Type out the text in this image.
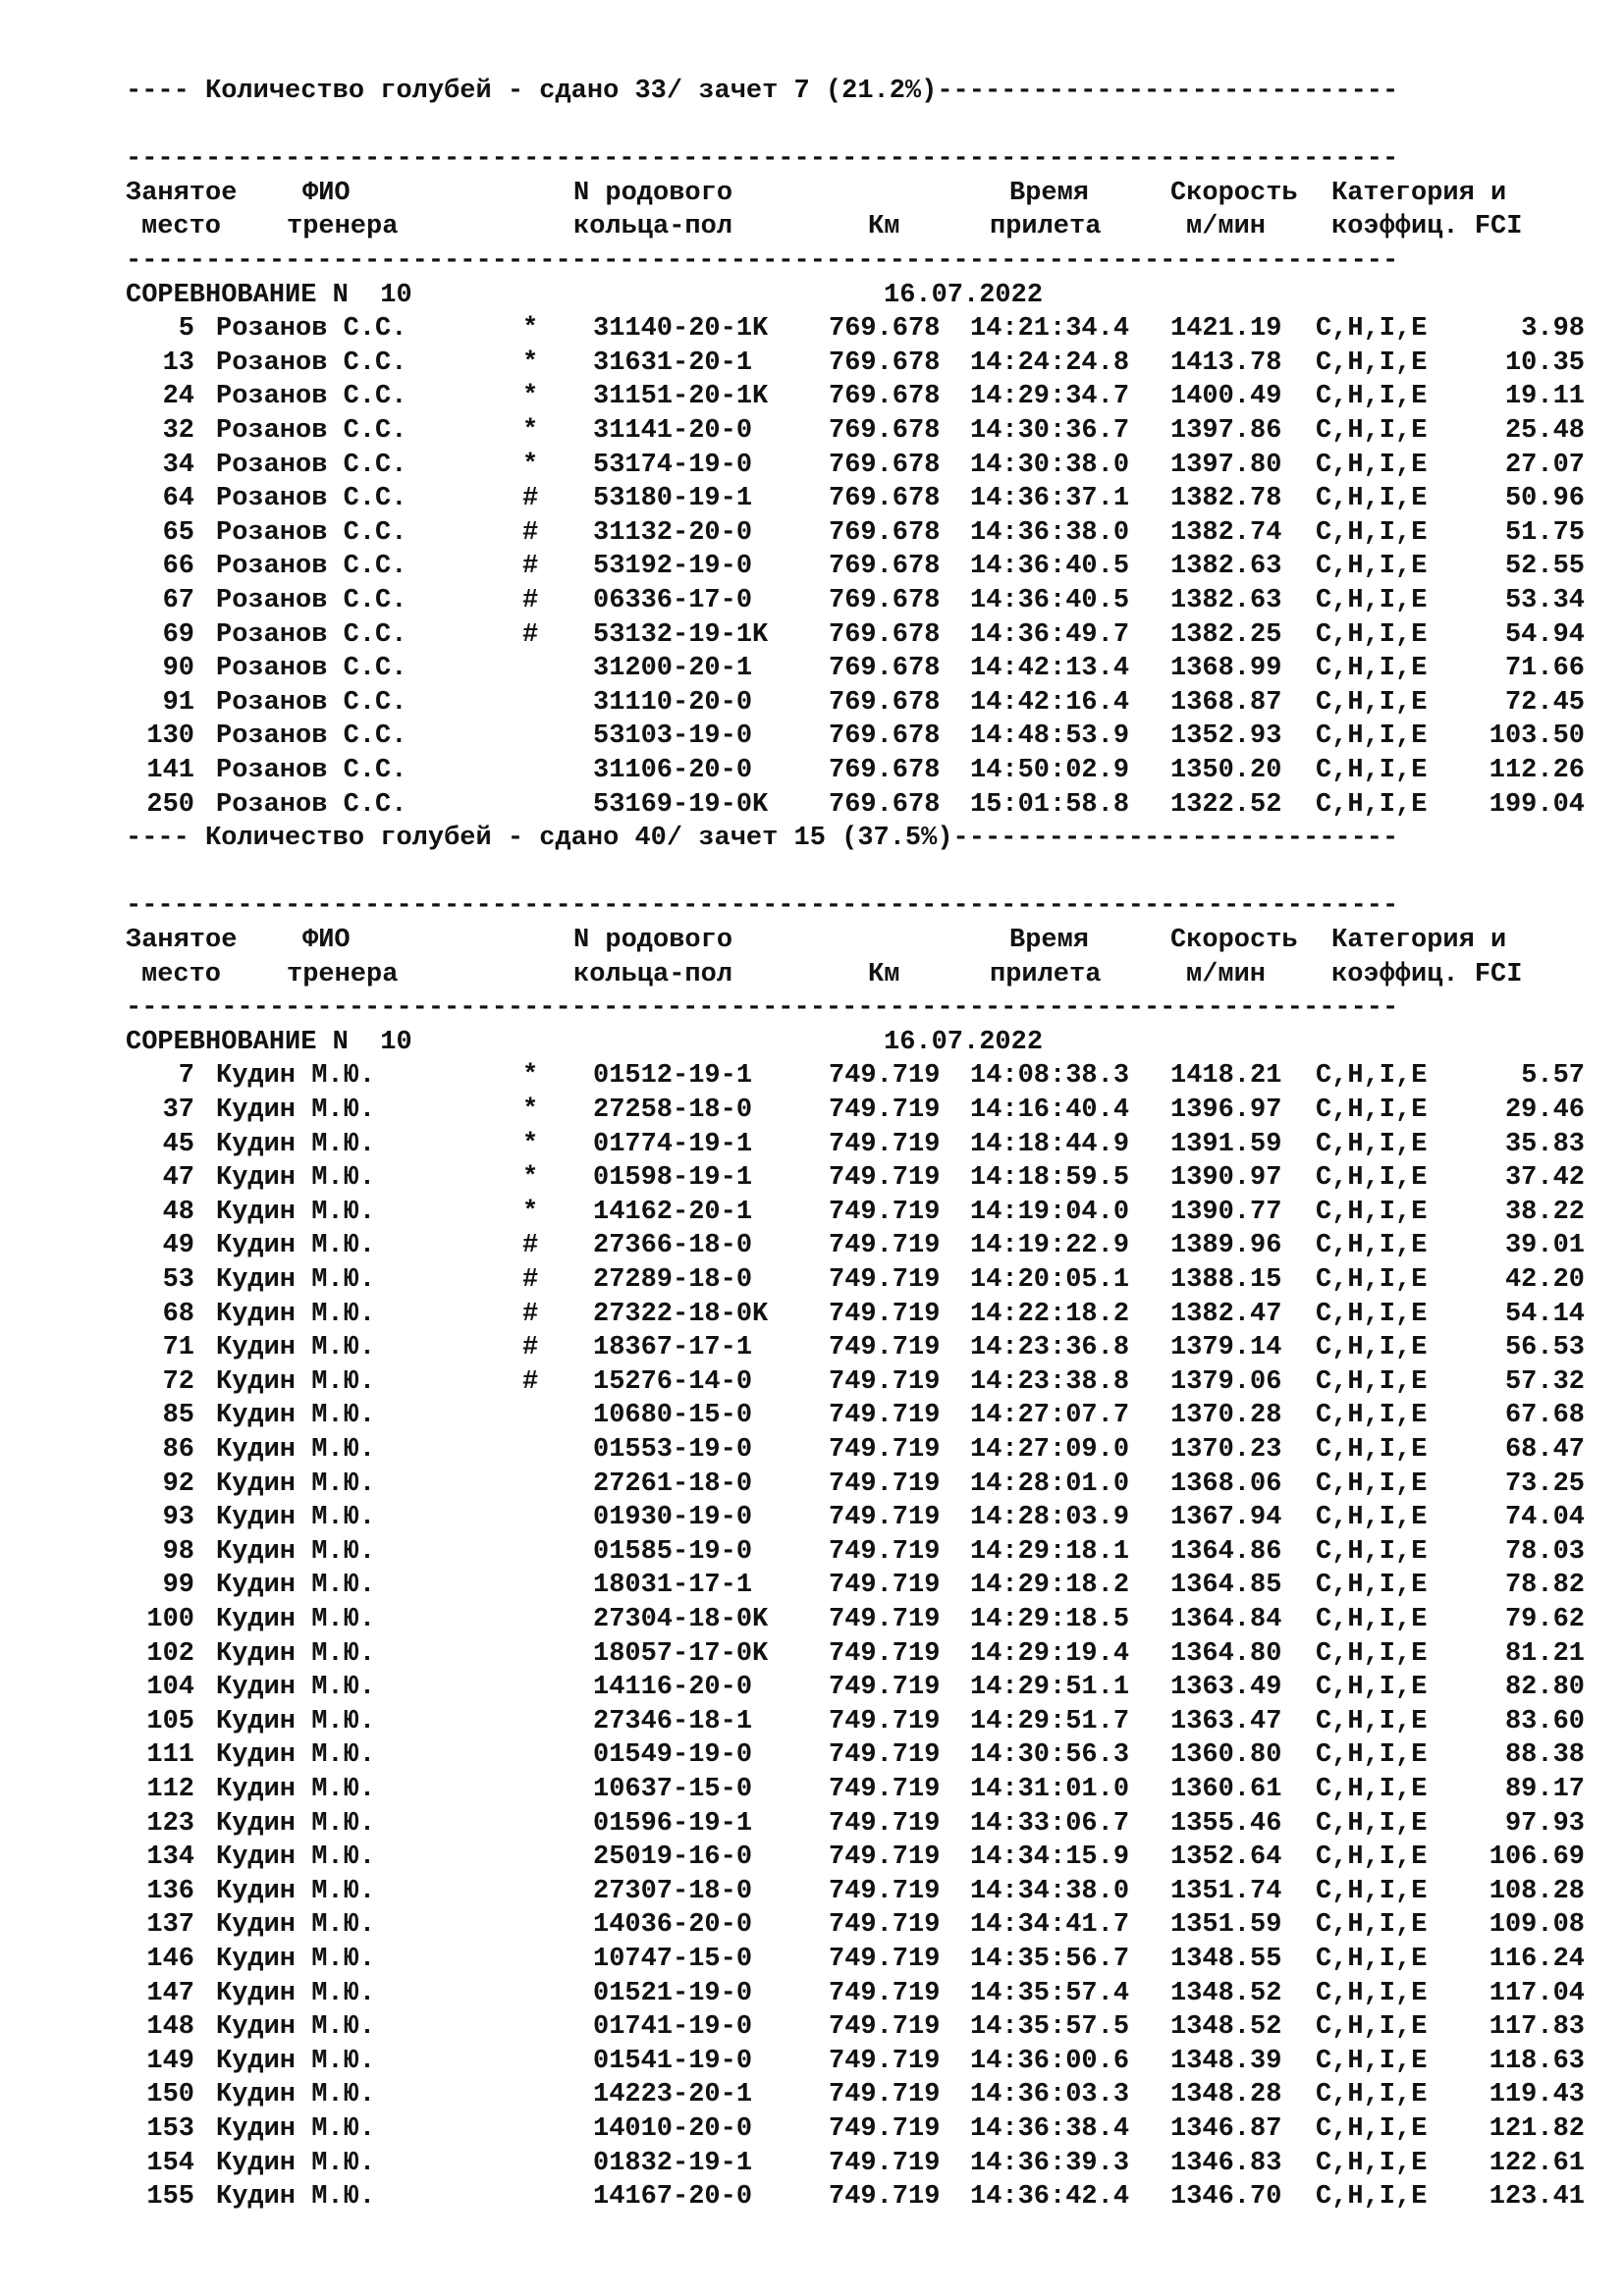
---- Количество голубей - сдано 33/ зачет 7 (21.2%)-----------------------------
--------------------------------------------------------------------------------
Занятое ФИО	N родового	Время	Скорость Категория и
место тренера	кольца-пол	Км	прилета	м/мин коэффиц. FCI
--------------------------------------------------------------------------------
СОРЕВНОВАНИЕ N  10	16.07.2022
5 Розанов С.С.	* 31140-20-1K 769.678 14:21:34.4 1421.19 C,H,I,E	3.98
13 Розанов С.С.	* 31631-20-1	769.678 14:24:24.8 1413.78 C,H,I,E	10.35
24 Розанов С.С.	* 31151-20-1K 769.678 14:29:34.7 1400.49 C,H,I,E	19.11
32 Розанов С.С.	* 31141-20-0	769.678 14:30:36.7 1397.86 C,H,I,E	25.48
34 Розанов С.С.	* 53174-19-0	769.678 14:30:38.0 1397.80 C,H,I,E	27.07
64 Розанов С.С.	# 53180-19-1	769.678 14:36:37.1 1382.78 C,H,I,E	50.96
65 Розанов С.С.	# 31132-20-0	769.678 14:36:38.0 1382.74 C,H,I,E	51.75
66 Розанов С.С.	# 53192-19-0	769.678 14:36:40.5 1382.63 C,H,I,E	52.55
67 Розанов С.С.	# 06336-17-0	769.678 14:36:40.5 1382.63 C,H,I,E	53.34
69 Розанов С.С.	# 53132-19-1K 769.678 14:36:49.7 1382.25 C,H,I,E	54.94
90 Розанов С.С.	31200-20-1	769.678 14:42:13.4 1368.99 C,H,I,E	71.66
91 Розанов С.С.	31110-20-0	769.678 14:42:16.4 1368.87 C,H,I,E	72.45
130 Розанов С.С.	53103-19-0	769.678 14:48:53.9 1352.93 C,H,I,E 103.50
141 Розанов С.С.	31106-20-0	769.678 14:50:02.9 1350.20 C,H,I,E 112.26
250 Розанов С.С.	53169-19-0K 769.678 15:01:58.8 1322.52 C,H,I,E 199.04
---- Количество голубей - сдано 40/ зачет 15 (37.5%)----------------------------
--------------------------------------------------------------------------------
Занятое ФИО	N родового	Время	Скорость Категория и
место тренера	кольца-пол	Км	прилета	м/мин коэффиц. FCI
--------------------------------------------------------------------------------
СОРЕВНОВАНИЕ N  10	16.07.2022
7 Кудин М.Ю.	* 01512-19-1	749.719 14:08:38.3 1418.21 C,H,I,E	5.57
37 Кудин М.Ю.	* 27258-18-0	749.719 14:16:40.4 1396.97 C,H,I,E	29.46
45 Кудин М.Ю.	* 01774-19-1	749.719 14:18:44.9 1391.59 C,H,I,E	35.83
47 Кудин М.Ю.	* 01598-19-1	749.719 14:18:59.5 1390.97 C,H,I,E	37.42
48 Кудин М.Ю.	* 14162-20-1	749.719 14:19:04.0 1390.77 C,H,I,E	38.22
49 Кудин М.Ю.	# 27366-18-0	749.719 14:19:22.9 1389.96 C,H,I,E	39.01
53 Кудин М.Ю.	# 27289-18-0	749.719 14:20:05.1 1388.15 C,H,I,E	42.20
68 Кудин М.Ю.	# 27322-18-0K 749.719 14:22:18.2 1382.47 C,H,I,E	54.14
71 Кудин М.Ю.	# 18367-17-1	749.719 14:23:36.8 1379.14 C,H,I,E	56.53
72 Кудин М.Ю.	# 15276-14-0	749.719 14:23:38.8 1379.06 C,H,I,E	57.32
85 Кудин М.Ю.	10680-15-0	749.719 14:27:07.7 1370.28 C,H,I,E	67.68
86 Кудин М.Ю.	01553-19-0	749.719 14:27:09.0 1370.23 C,H,I,E	68.47
92 Кудин М.Ю.	27261-18-0	749.719 14:28:01.0 1368.06 C,H,I,E	73.25
93 Кудин М.Ю.	01930-19-0	749.719 14:28:03.9 1367.94 C,H,I,E	74.04
98 Кудин М.Ю.	01585-19-0	749.719 14:29:18.1 1364.86 C,H,I,E	78.03
99 Кудин М.Ю.	18031-17-1	749.719 14:29:18.2 1364.85 C,H,I,E	78.82
100 Кудин М.Ю.	27304-18-0K 749.719 14:29:18.5 1364.84 C,H,I,E	79.62
102 Кудин М.Ю.	18057-17-0K 749.719 14:29:19.4 1364.80 C,H,I,E	81.21
104 Кудин М.Ю.	14116-20-0	749.719 14:29:51.1 1363.49 C,H,I,E	82.80
105 Кудин М.Ю.	27346-18-1	749.719 14:29:51.7 1363.47 C,H,I,E	83.60
111 Кудин М.Ю.	01549-19-0	749.719 14:30:56.3 1360.80 C,H,I,E	88.38
112 Кудин М.Ю.	10637-15-0	749.719 14:31:01.0 1360.61 C,H,I,E	89.17
123 Кудин М.Ю.	01596-19-1	749.719 14:33:06.7 1355.46 C,H,I,E	97.93
134 Кудин М.Ю.	25019-16-0	749.719 14:34:15.9 1352.64 C,H,I,E 106.69
136 Кудин М.Ю.	27307-18-0	749.719 14:34:38.0 1351.74 C,H,I,E 108.28
137 Кудин М.Ю.	14036-20-0	749.719 14:34:41.7 1351.59 C,H,I,E 109.08
146 Кудин М.Ю.	10747-15-0	749.719 14:35:56.7 1348.55 C,H,I,E 116.24
147 Кудин М.Ю.	01521-19-0	749.719 14:35:57.4 1348.52 C,H,I,E 117.04
148 Кудин М.Ю.	01741-19-0	749.719 14:35:57.5 1348.52 C,H,I,E 117.83
149 Кудин М.Ю.	01541-19-0	749.719 14:36:00.6 1348.39 C,H,I,E 118.63
150 Кудин М.Ю.	14223-20-1	749.719 14:36:03.3 1348.28 C,H,I,E 119.43
153 Кудин М.Ю.	14010-20-0	749.719 14:36:38.4 1346.87 C,H,I,E 121.82
154 Кудин М.Ю.	01832-19-1	749.719 14:36:39.3 1346.83 C,H,I,E 122.61
155 Кудин М.Ю.	14167-20-0	749.719 14:36:42.4 1346.70 C,H,I,E 123.41
